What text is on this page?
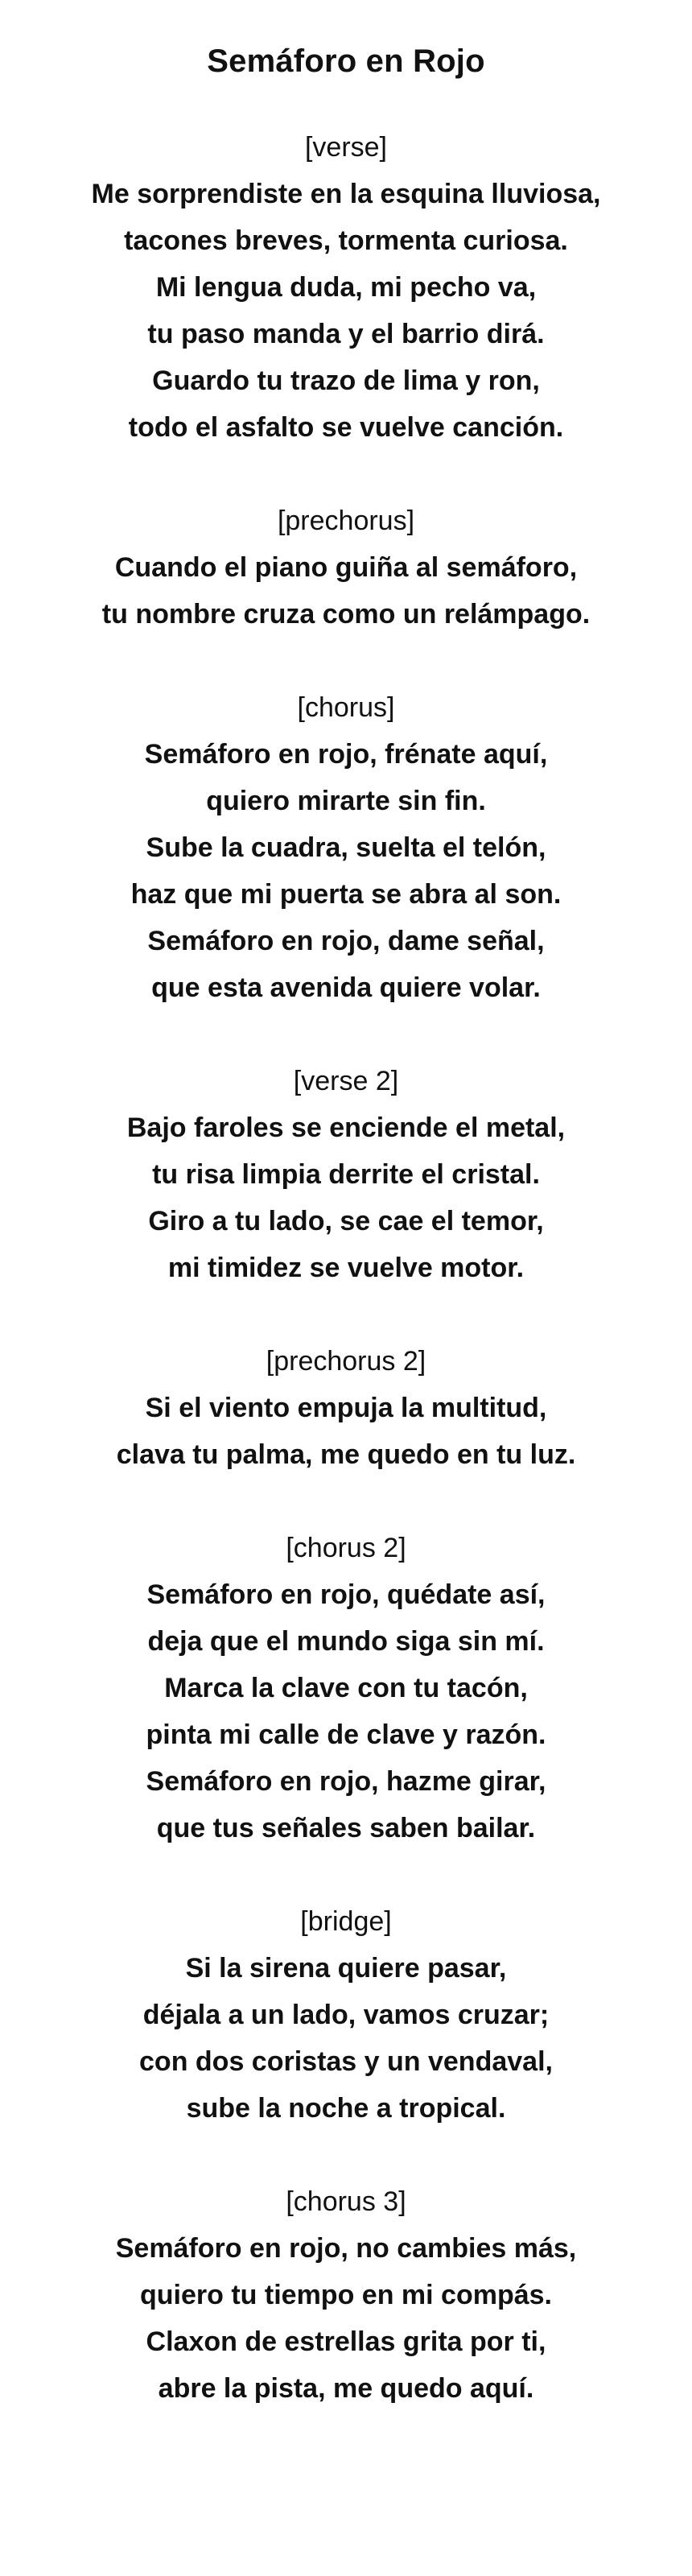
Semáforo en Rojo
[verse]
Me sorprendiste en la esquina lluviosa,
tacones breves, tormenta curiosa.
Mi lengua duda, mi pecho va,
tu paso manda y el barrio dirá.
Guardo tu trazo de lima y ron,
todo el asfalto se vuelve canción.
[prechorus]
Cuando el piano guiña al semáforo,
tu nombre cruza como un relámpago.
[chorus]
Semáforo en rojo, frénate aquí,
quiero mirarte sin fin.
Sube la cuadra, suelta el telón,
haz que mi puerta se abra al son.
Semáforo en rojo, dame señal,
que esta avenida quiere volar.
[verse 2]
Bajo faroles se enciende el metal,
tu risa limpia derrite el cristal.
Giro a tu lado, se cae el temor,
mi timidez se vuelve motor.
[prechorus 2]
Si el viento empuja la multitud,
clava tu palma, me quedo en tu luz.
[chorus 2]
Semáforo en rojo, quédate así,
deja que el mundo siga sin mí.
Marca la clave con tu tacón,
pinta mi calle de clave y razón.
Semáforo en rojo, hazme girar,
que tus señales saben bailar.
[bridge]
Si la sirena quiere pasar,
déjala a un lado, vamos cruzar;
con dos coristas y un vendaval,
sube la noche a tropical.
[chorus 3]
Semáforo en rojo, no cambies más,
quiero tu tiempo en mi compás.
Claxon de estrellas grita por ti,
abre la pista, me quedo aquí.
